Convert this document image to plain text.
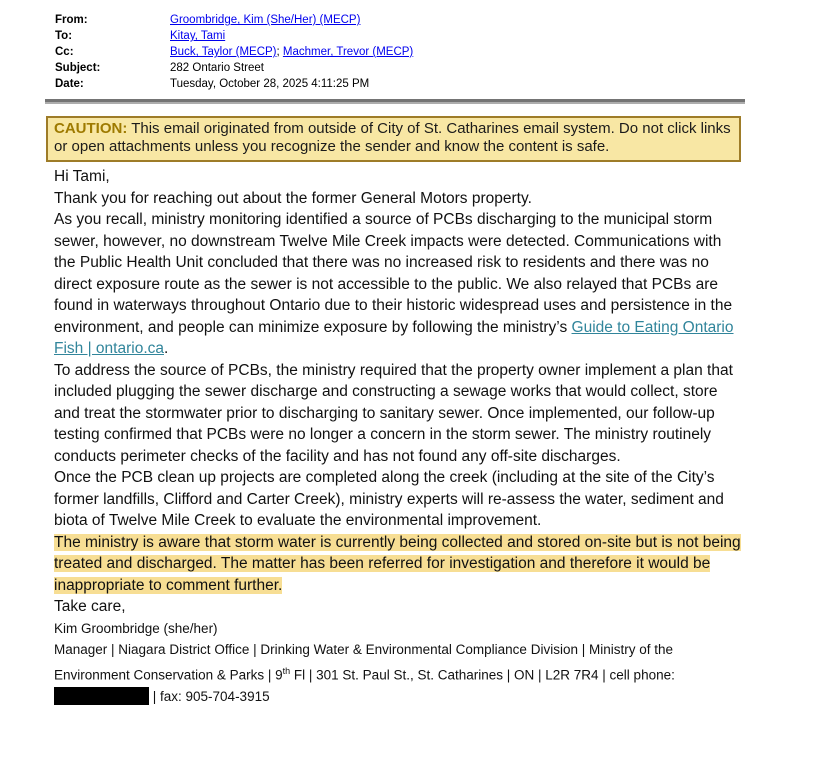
From:	Groombridge, Kim (She/Her) (MECP)
To:	Kitay, Tami
Cc:	Buck, Taylor (MECP); Machmer, Trevor (MECP)
Subject:	282 Ontario Street
Date:	Tuesday, October 28, 2025 4:11:25 PM
CAUTION: This email originated from outside of City of St. Catharines email system. Do not click links or open attachments unless you recognize the sender and know the content is safe.

Hi Tami,

Thank you for reaching out about the former General Motors property.

As you recall, ministry monitoring identified a source of PCBs discharging to the municipal storm sewer, however, no downstream Twelve Mile Creek impacts were detected. Communications with the Public Health Unit concluded that there was no increased risk to residents and there was no direct exposure route as the sewer is not accessible to the public. We also relayed that PCBs are found in waterways throughout Ontario due to their historic widespread uses and persistence in the environment, and people can minimize exposure by following the ministry’s Guide to Eating Ontario Fish | ontario.ca.

To address the source of PCBs, the ministry required that the property owner implement a plan that included plugging the sewer discharge and constructing a sewage works that would collect, store and treat the stormwater prior to discharging to sanitary sewer. Once implemented, our follow-up testing confirmed that PCBs were no longer a concern in the storm sewer. The ministry routinely conducts perimeter checks of the facility and has not found any off-site discharges.

Once the PCB clean up projects are completed along the creek (including at the site of the City’s former landfills, Clifford and Carter Creek), ministry experts will re-assess the water, sediment and biota of Twelve Mile Creek to evaluate the environmental improvement.

The ministry is aware that storm water is currently being collected and stored on-site but is not being treated and discharged. The matter has been referred for investigation and therefore it would be inappropriate to comment further.

Take care,

Kim Groombridge (she/her)

Manager | Niagara District Office | Drinking Water & Environmental Compliance Division | Ministry of the Environment Conservation & Parks | 9th Fl | 301 St. Paul St., St. Catharines | ON | L2R 7R4 | cell phone:  | fax: 905-704-3915
